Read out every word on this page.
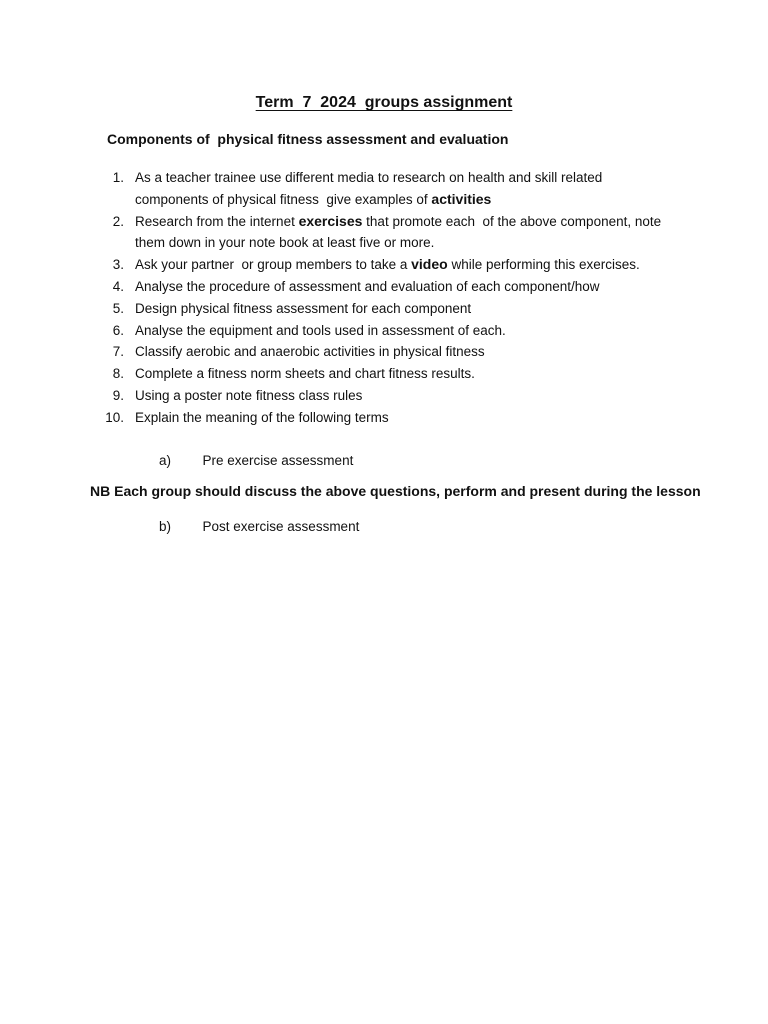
Term  7  2024  groups assignment
Components of  physical fitness assessment and evaluation
1. As a teacher trainee use different media to research on health and skill related
components of physical fitness  give examples of activities
2. Research from the internet exercises that promote each  of the above component, note
them down in your note book at least five or more.
3. Ask your partner  or group members to take a video while performing this exercises.
4. Analyse the procedure of assessment and evaluation of each component/how
5. Design physical fitness assessment for each component
6. Analyse the equipment and tools used in assessment of each.
7. Classify aerobic and anaerobic activities in physical fitness
8. Complete a fitness norm sheets and chart fitness results.
9. Using a poster note fitness class rules
10. Explain the meaning of the following terms

a) Pre exercise assessment

b) Post exercise assessment

NB Each group should discuss the above questions, perform and present during the lesson
